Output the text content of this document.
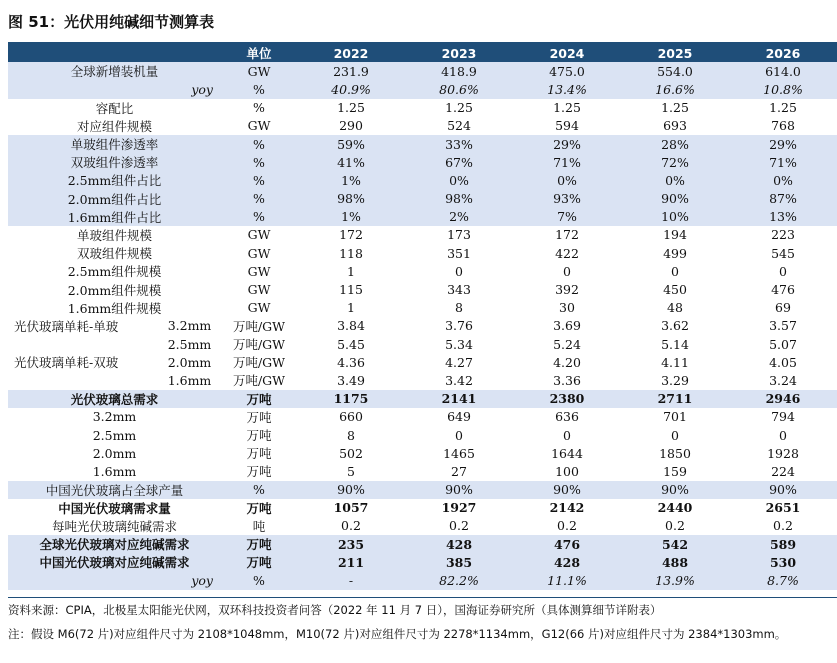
图 51：光伏用纯碱细节测算表
		单位	2022	2023	2024	2025	2026
全球新增装机量		GW	231.9	418.9	475.0	554.0	614.0
yoy		%	40.9%	80.6%	13.4%	16.6%	10.8%
容配比		%	1.25	1.25	1.25	1.25	1.25
对应组件规模		GW	290	524	594	693	768
单玻组件渗透率		%	59%	33%	29%	28%	29%
双玻组件渗透率		%	41%	67%	71%	72%	71%
2.5mm组件占比		%	1%	0%	0%	0%	0%
2.0mm组件占比		%	98%	98%	93%	90%	87%
1.6mm组件占比		%	1%	2%	7%	10%	13%
单玻组件规模		GW	172	173	172	194	223
双玻组件规模		GW	118	351	422	499	545
2.5mm组件规模		GW	1	0	0	0	0
2.0mm组件规模		GW	115	343	392	450	476
1.6mm组件规模		GW	1	8	30	48	69
光伏玻璃单耗-单玻	3.2mm	万吨/GW	3.84	3.76	3.69	3.62	3.57
光伏玻璃单耗-双玻	2.5mm	万吨/GW	5.45	5.34	5.24	5.14	5.07
	2.0mm	万吨/GW	4.36	4.27	4.20	4.11	4.05
	1.6mm	万吨/GW	3.49	3.42	3.36	3.29	3.24
光伏玻璃总需求		万吨	1175	2141	2380	2711	2946
3.2mm		万吨	660	649	636	701	794
2.5mm		万吨	8	0	0	0	0
2.0mm		万吨	502	1465	1644	1850	1928
1.6mm		万吨	5	27	100	159	224
中国光伏玻璃占全球产量		%	90%	90%	90%	90%	90%
中国光伏玻璃需求量		万吨	1057	1927	2142	2440	2651
每吨光伏玻璃纯碱需求		吨	0.2	0.2	0.2	0.2	0.2
全球光伏玻璃对应纯碱需求		万吨	235	428	476	542	589
中国光伏玻璃对应纯碱需求		万吨	211	385	428	488	530
yoy		%	-	82.2%	11.1%	13.9%	8.7%
资料来源：CPIA，北极星太阳能光伏网，双环科技投资者问答（2022 年 11 月 7 日），国海证券研究所（具体测算细节详附表）
注：假设 M6(72 片)对应组件尺寸为 2108*1048mm，M10(72 片)对应组件尺寸为 2278*1134mm，G12(66 片)对应组件尺寸为 2384*1303mm。
